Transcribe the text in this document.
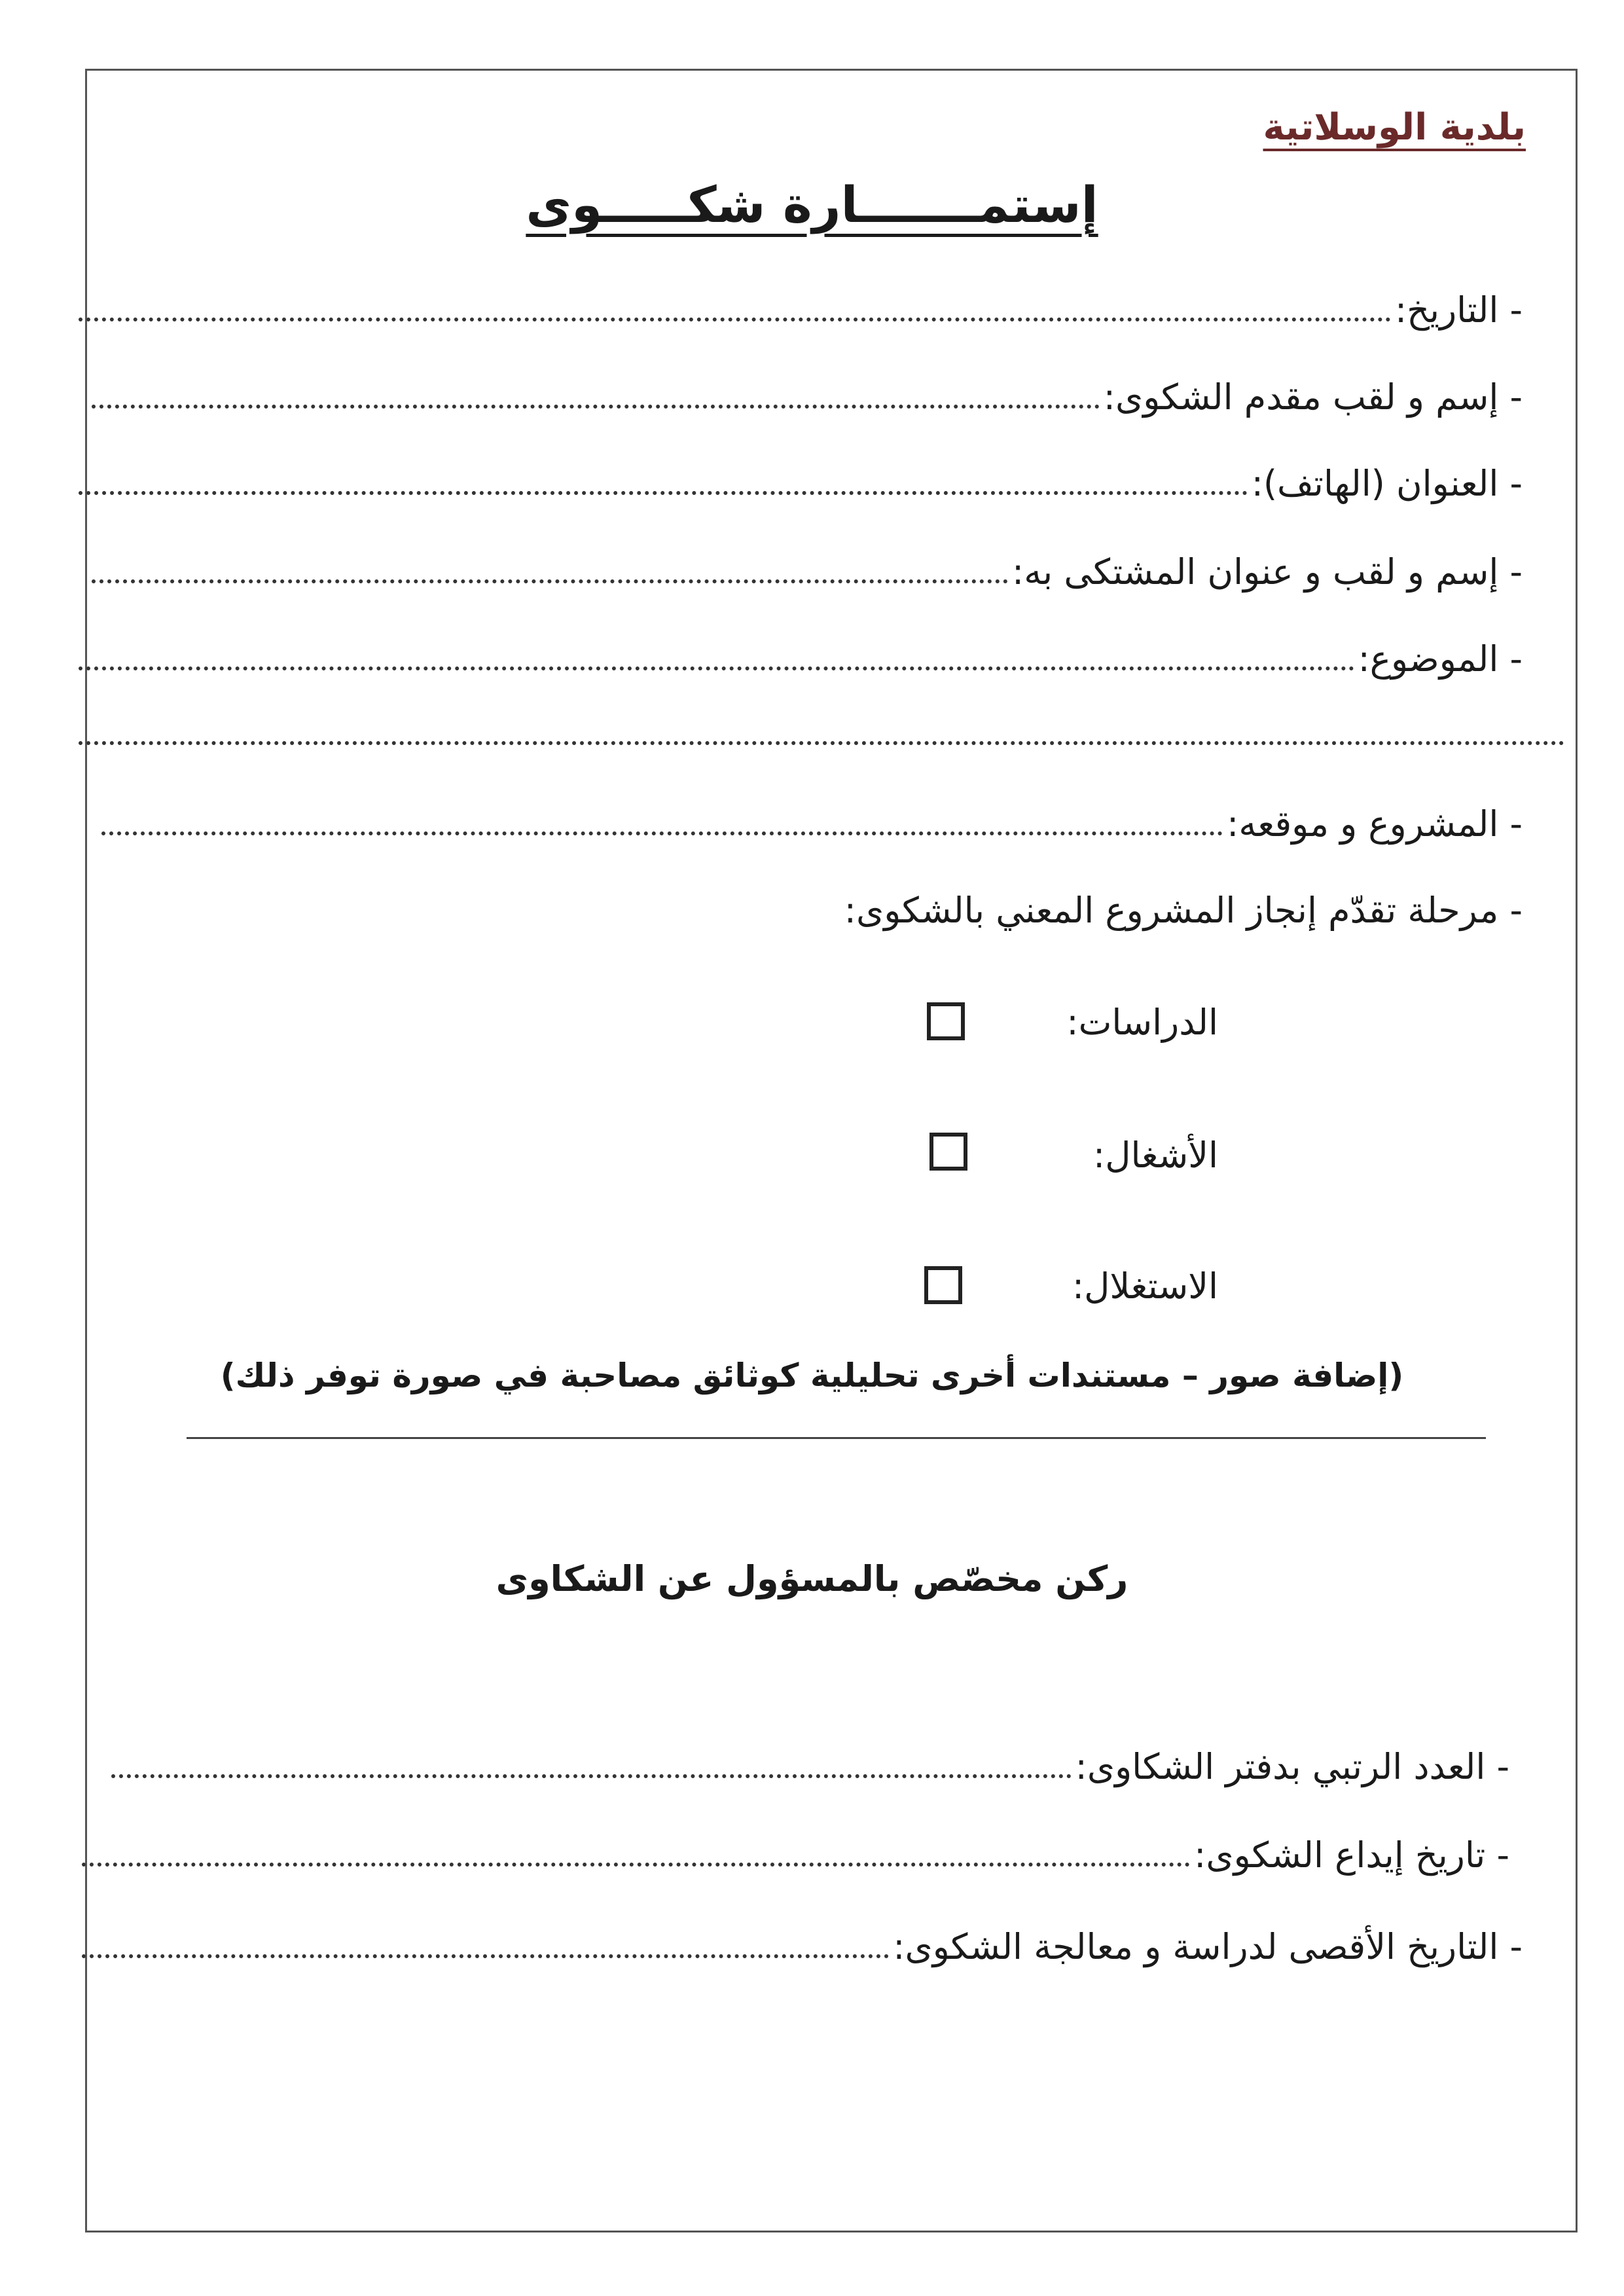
بلدية الوسلاتية
إستمـــــــارة شكـــــوى
- التاريخ:
- إسم و لقب مقدم الشكوى:
- العنوان (الهاتف):
- إسم و لقب و عنوان المشتكى به:
- الموضوع:
- المشروع و موقعه:
- مرحلة تقدّم إنجاز المشروع المعني بالشكوى:
الدراسات:
الأشغال:
الاستغلال:
(إضافة صور – مستندات أخرى تحليلية كوثائق مصاحبة في صورة توفر ذلك)
ركن مخصّص بالمسؤول عن الشكاوى
- العدد الرتبي بدفتر الشكاوى:
- تاريخ إيداع الشكوى:
- التاريخ الأقصى لدراسة و معالجة الشكوى:
